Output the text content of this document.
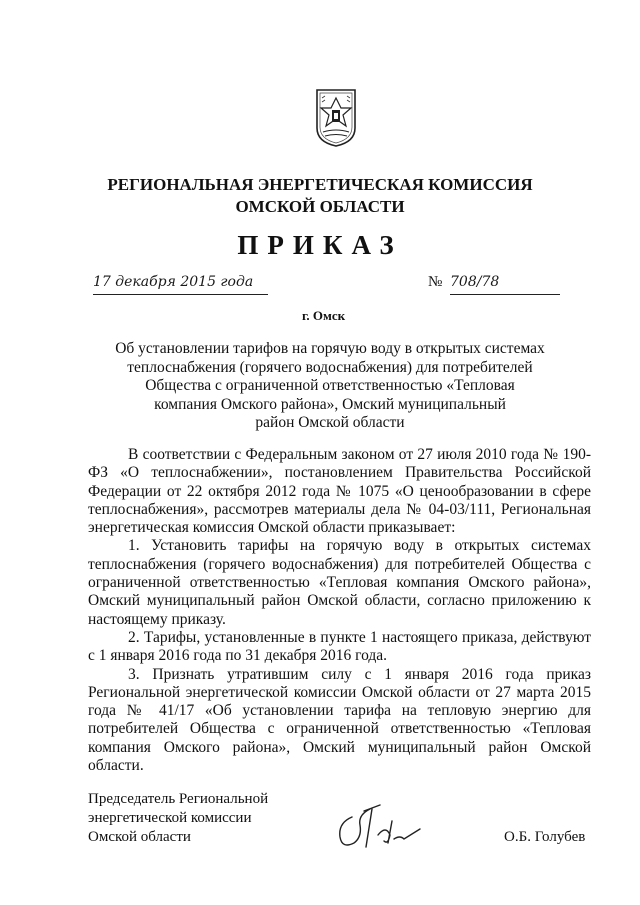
РЕГИОНАЛЬНАЯ ЭНЕРГЕТИЧЕСКАЯ КОМИССИЯ
ОМСКОЙ ОБЛАСТИ
ПРИКАЗ
17 декабря 2015 года	№ 708/78
г. Омск
Об установлении тарифов на горячую воду в открытых системах
теплоснабжения (горячего водоснабжения) для потребителей
Общества с ограниченной ответственностью «Тепловая
компания Омского района», Омский муниципальный
район Омской области

В соответствии с Федеральным законом от 27 июля 2010 года № 190-ФЗ «О теплоснабжении», постановлением Правительства Российской Федерации от 22 октября 2012 года № 1075 «О ценообразовании в сфере теплоснабжения», рассмотрев материалы дела № 04-03/111, Региональная энергетическая комиссия Омской области приказывает:

1. Установить тарифы на горячую воду в открытых системах теплоснабжения (горячего водоснабжения) для потребителей Общества с ограниченной ответственностью «Тепловая компания Омского района», Омский муниципальный район Омской области, согласно приложению к настоящему приказу.

2. Тарифы, установленные в пункте 1 настоящего приказа, действуют с 1 января 2016 года по 31 декабря 2016 года.

3. Признать утратившим силу с 1 января 2016 года приказ Региональной энергетической комиссии Омской области от 27 марта 2015 года № 41/17 «Об установлении тарифа на тепловую энергию для потребителей Общества с ограниченной ответственностью «Тепловая компания Омского района», Омский муниципальный район Омской области.

Председатель Региональной
энергетической комиссии
Омской области	О.Б. Голубев
